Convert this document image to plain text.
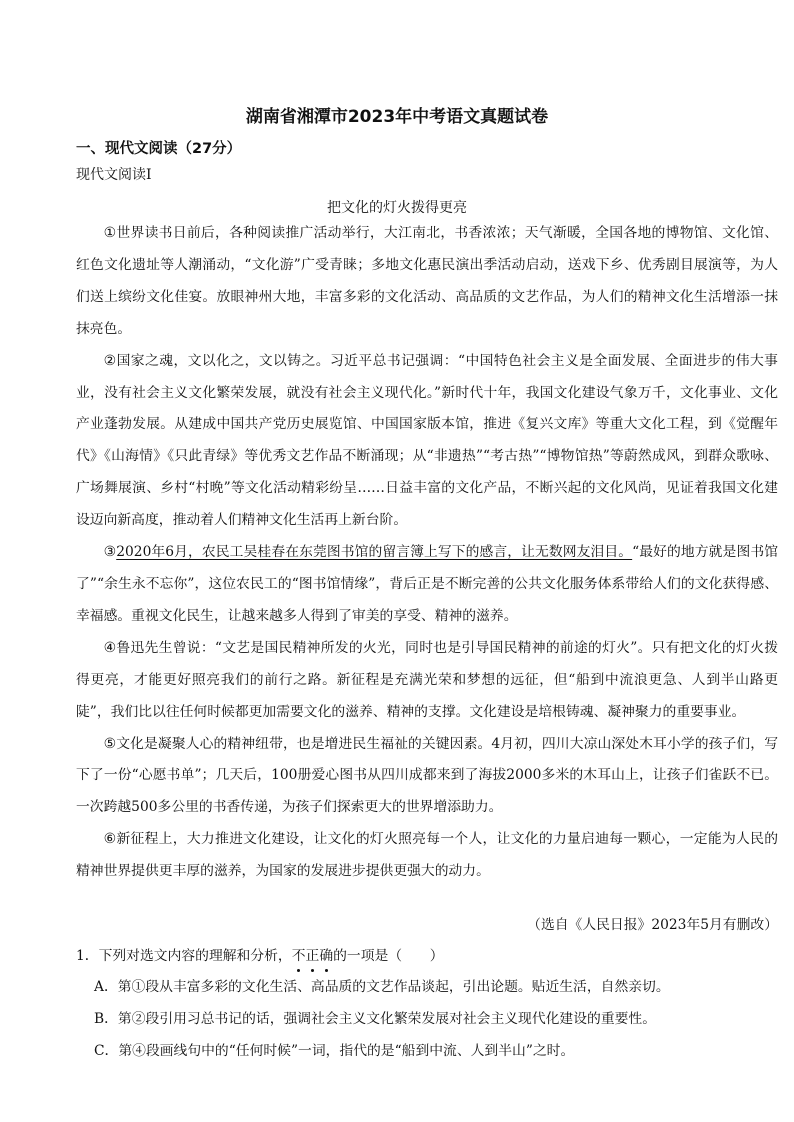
湖南省湘潭市2023年中考语文真题试卷
一、现代文阅读（27分）
现代文阅读I
把文化的灯火拨得更亮

①世界读书日前后，各种阅读推广活动举行，大江南北，书香浓浓；天气渐暖，全国各地的博物馆、文化馆、红色文化遗址等人潮涌动，“文化游”广受青睐；多地文化惠民演出季活动启动，送戏下乡、优秀剧目展演等，为人们送上缤纷文化佳宴。放眼神州大地，丰富多彩的文化活动、高品质的文艺作品，为人们的精神文化生活增添一抹抹亮色。

②国家之魂，文以化之，文以铸之。习近平总书记强调：“中国特色社会主义是全面发展、全面进步的伟大事业，没有社会主义文化繁荣发展，就没有社会主义现代化。”新时代十年，我国文化建设气象万千，文化事业、文化产业蓬勃发展。从建成中国共产党历史展览馆、中国国家版本馆，推进《复兴文库》等重大文化工程，到《觉醒年代》《山海情》《只此青绿》等优秀文艺作品不断涌现；从“非遗热”“考古热”“博物馆热”等蔚然成风，到群众歌咏、广场舞展演、乡村“村晚”等文化活动精彩纷呈……日益丰富的文化产品，不断兴起的文化风尚，见证着我国文化建设迈向新高度，推动着人们精神文化生活再上新台阶。

③2020年6月，农民工吴桂春在东莞图书馆的留言簿上写下的感言，让无数网友泪目。“最好的地方就是图书馆了”“余生永不忘你”，这位农民工的“图书馆情缘”，背后正是不断完善的公共文化服务体系带给人们的文化获得感、幸福感。重视文化民生，让越来越多人得到了审美的享受、精神的滋养。

④鲁迅先生曾说：“文艺是国民精神所发的火光，同时也是引导国民精神的前途的灯火”。只有把文化的灯火拨得更亮，才能更好照亮我们的前行之路。新征程是充满光荣和梦想的远征，但“船到中流浪更急、人到半山路更陡”，我们比以往任何时候都更加需要文化的滋养、精神的支撑。文化建设是培根铸魂、凝神聚力的重要事业。

⑤文化是凝聚人心的精神纽带，也是增进民生福祉的关键因素。4月初，四川大凉山深处木耳小学的孩子们，写下了一份“心愿书单”；几天后，100册爱心图书从四川成都来到了海拔2000多米的木耳山上，让孩子们雀跃不已。一次跨越500多公里的书香传递，为孩子们探索更大的世界增添助力。

⑥新征程上，大力推进文化建设，让文化的灯火照亮每一个人，让文化的力量启迪每一颗心，一定能为人民的精神世界提供更丰厚的滋养，为国家的发展进步提供更强大的动力。

（选自《人民日报》2023年5月有删改）
1．下列对选文内容的理解和分析，不正确的一项是（　　）
A．第①段从丰富多彩的文化生活、高品质的文艺作品谈起，引出论题。贴近生活，自然亲切。
B．第②段引用习总书记的话，强调社会主义文化繁荣发展对社会主义现代化建设的重要性。
C．第④段画线句中的“任何时候”一词，指代的是“船到中流、人到半山”之时。
